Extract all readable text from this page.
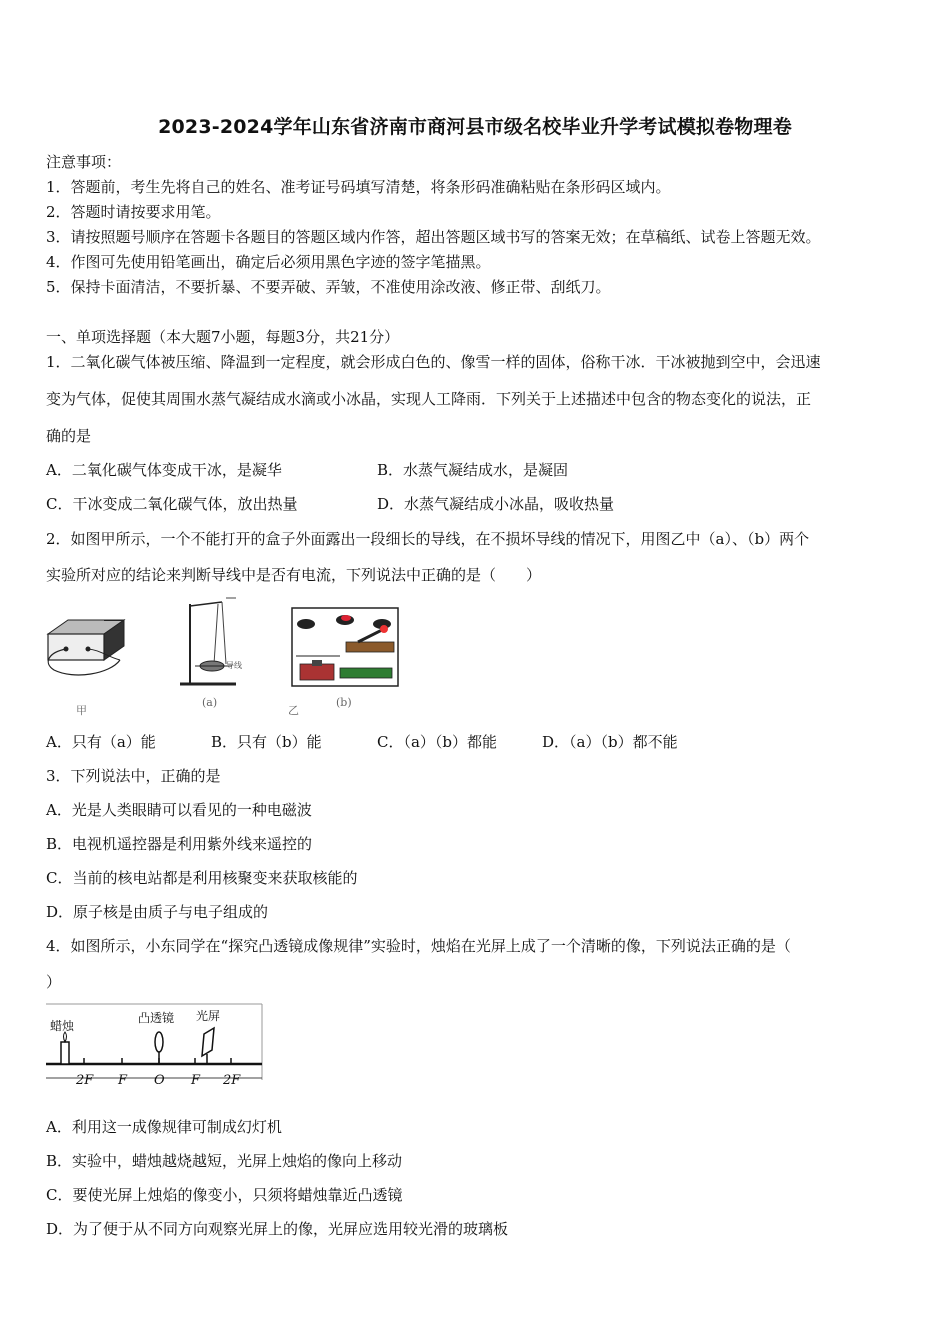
2023-2024学年山东省济南市商河县市级名校毕业升学考试模拟卷物理卷
注意事项：
1．答题前，考生先将自己的姓名、准考证号码填写清楚，将条形码准确粘贴在条形码区域内。
2．答题时请按要求用笔。
3．请按照题号顺序在答题卡各题目的答题区域内作答，超出答题区域书写的答案无效；在草稿纸、试卷上答题无效。
4．作图可先使用铅笔画出，确定后必须用黑色字迹的签字笔描黑。
5．保持卡面清洁，不要折暴、不要弄破、弄皱，不准使用涂改液、修正带、刮纸刀。
一、单项选择题（本大题7小题，每题3分，共21分）
1．二氧化碳气体被压缩、降温到一定程度，就会形成白色的、像雪一样的固体，俗称干冰．干冰被抛到空中，会迅速
变为气体，促使其周围水蒸气凝结成水滴或小冰晶，实现人工降雨．下列关于上述描述中包含的物态变化的说法，正
确的是
A．二氧化碳气体变成干冰，是凝华	B．水蒸气凝结成水，是凝固
C．干冰变成二氧化碳气体，放出热量	D．水蒸气凝结成小冰晶，吸收热量
2．如图甲所示，一个不能打开的盒子外面露出一段细长的导线，在不损坏导线的情况下，用图乙中（a）、（b）两个
实验所对应的结论来判断导线中是否有电流，下列说法中正确的是（　　）
甲
导线
(a)
乙
(b)
A．只有（a）能	B．只有（b）能	C．（a）（b）都能	D．（a）（b）都不能
3．下列说法中，正确的是
A．光是人类眼睛可以看见的一种电磁波
B．电视机遥控器是利用紫外线来遥控的
C．当前的核电站都是利用核聚变来获取核能的
D．原子核是由质子与电子组成的
4．如图所示，小东同学在“探究凸透镜成像规律”实验时，烛焰在光屏上成了一个清晰的像，下列说法正确的是（
）
蜡烛
凸透镜 光屏
2F F O F 2F
A．利用这一成像规律可制成幻灯机
B．实验中，蜡烛越烧越短，光屏上烛焰的像向上移动
C．要使光屏上烛焰的像变小，只须将蜡烛靠近凸透镜
D．为了便于从不同方向观察光屏上的像，光屏应选用较光滑的玻璃板
